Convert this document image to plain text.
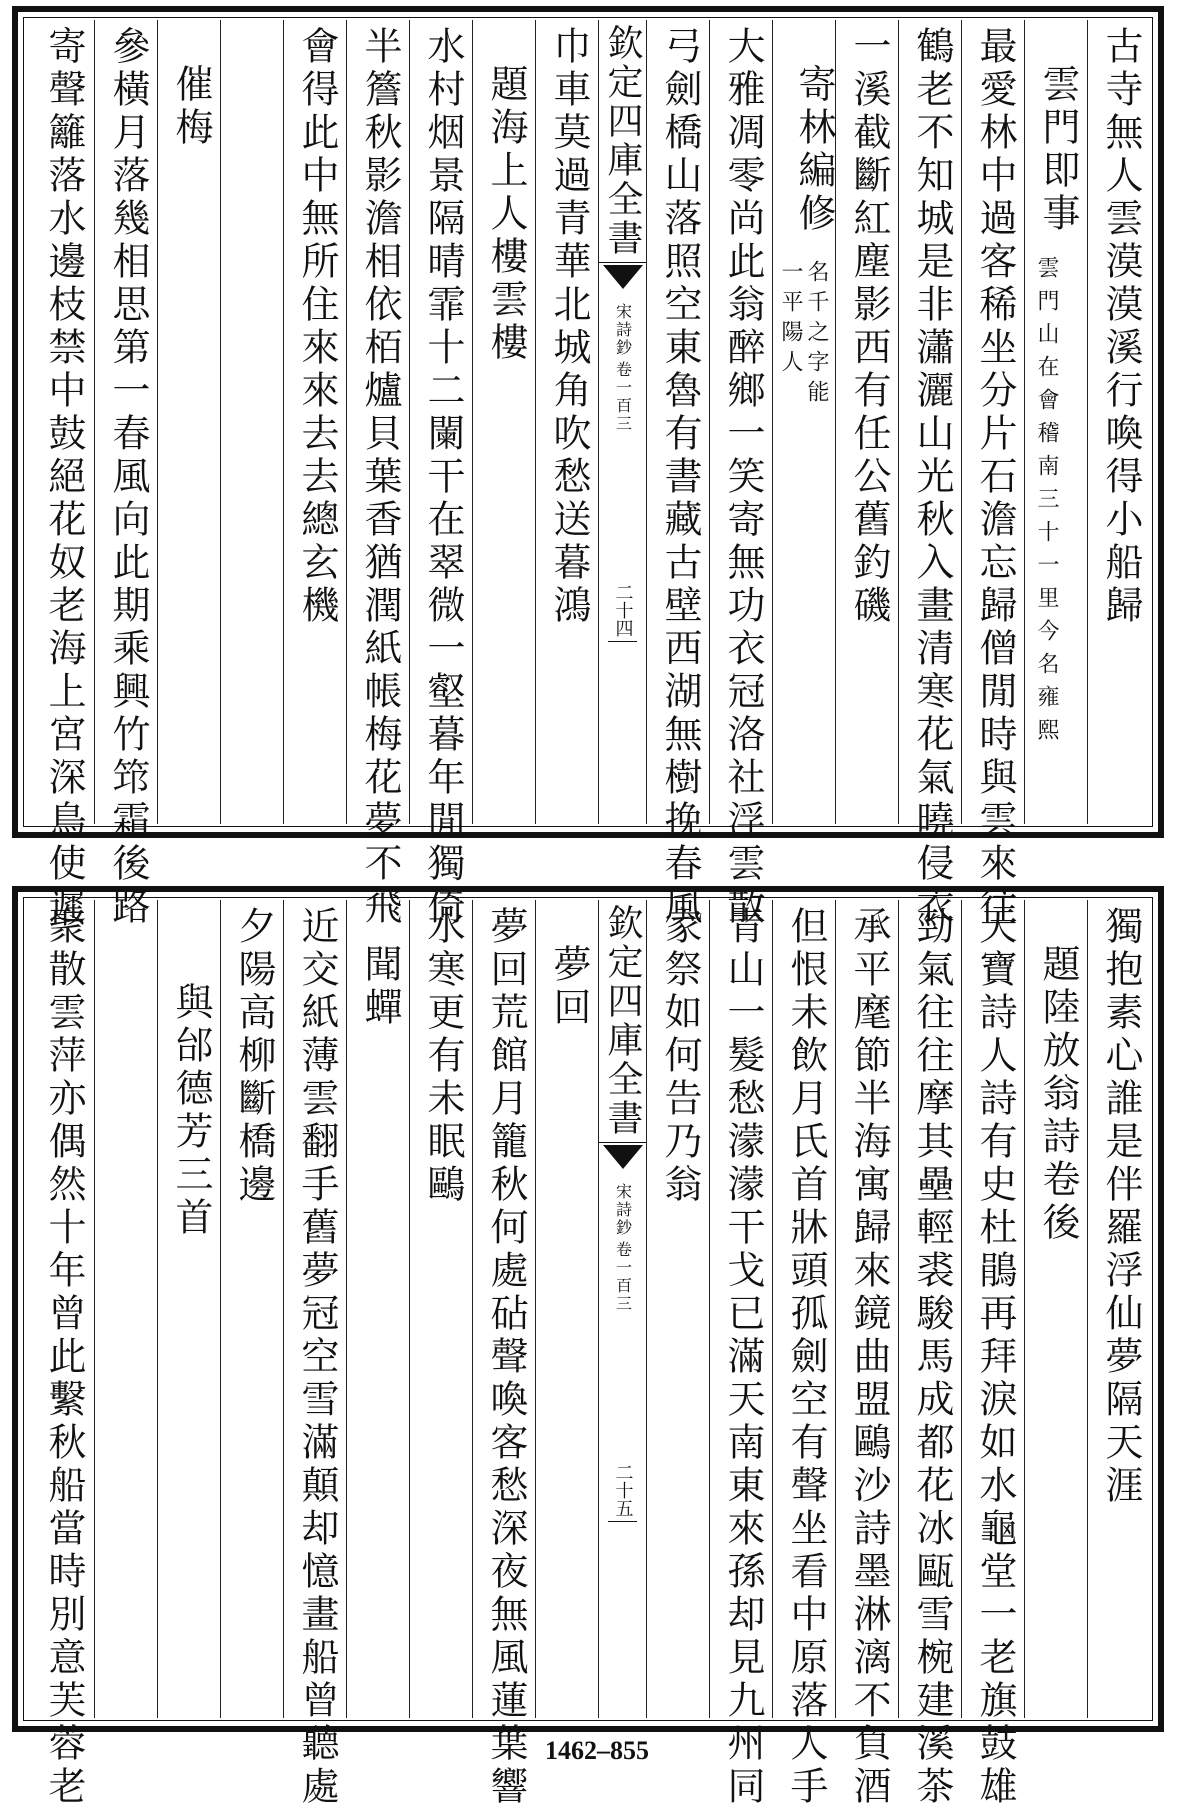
古寺無人雲漠漠溪行喚得小船歸
雲門即事
雲門山在會稽南三十一里今名雍熙
最愛林中過客稀坐分片石澹忘歸僧閒時與雲來往
鶴老不知城是非瀟灑山光秋入畫清寒花氣曉侵衣
一溪截斷紅塵影西有任公舊釣磯
寄林編修
一平陽人 名千之字能
大雅凋零尚此翁醉鄉一笑寄無功衣冠洛社浮雲散
弓劍橋山落照空東魯有書藏古壁西湖無樹挽春風
欽定四庫全書
宋詩鈔
卷一百三
二十四
巾車莫過青華北城角吹愁送暮鴻
題海上人樓雲樓
水村烟景隔晴霏十二闌干在翠微一壑暮年閒獨倚
半簷秋影澹相依栢爐貝葉香猶潤紙帳梅花夢不飛
會得此中無所住來來去去總玄機
催梅
參橫月落幾相思第一春風向此期乘興竹筇霜後路
寄聲籬落水邊枝禁中鼓絕花奴老海上宮深鳥使遲
獨抱素心誰是伴羅浮仙夢隔天涯
題陸放翁詩卷後
天寶詩人詩有史杜鵑再拜淚如水龜堂一老旗鼓雄
勁氣往往摩其壘輕裘駿馬成都花冰甌雪椀建溪茶
承平麾節半海寓歸來鏡曲盟鷗沙詩墨淋漓不負酒
但恨未飲月氏首牀頭孤劍空有聲坐看中原落人手
青山一髮愁濛濛干戈已滿天南東來孫却見九州同
家祭如何告乃翁
欽定四庫全書
宋詩鈔
卷一百三
二十五
夢回
夢回荒館月籠秋何處砧聲喚客愁深夜無風蓮葉響
水寒更有未眠鷗
聞蟬
近交紙薄雲翻手舊夢冠空雪滿顛却憶畫船曾聽處
夕陽高柳斷橋邊
與邰德芳三首
聚散雲萍亦偶然十年曾此繫秋船當時別意芙蓉老	1462–855
